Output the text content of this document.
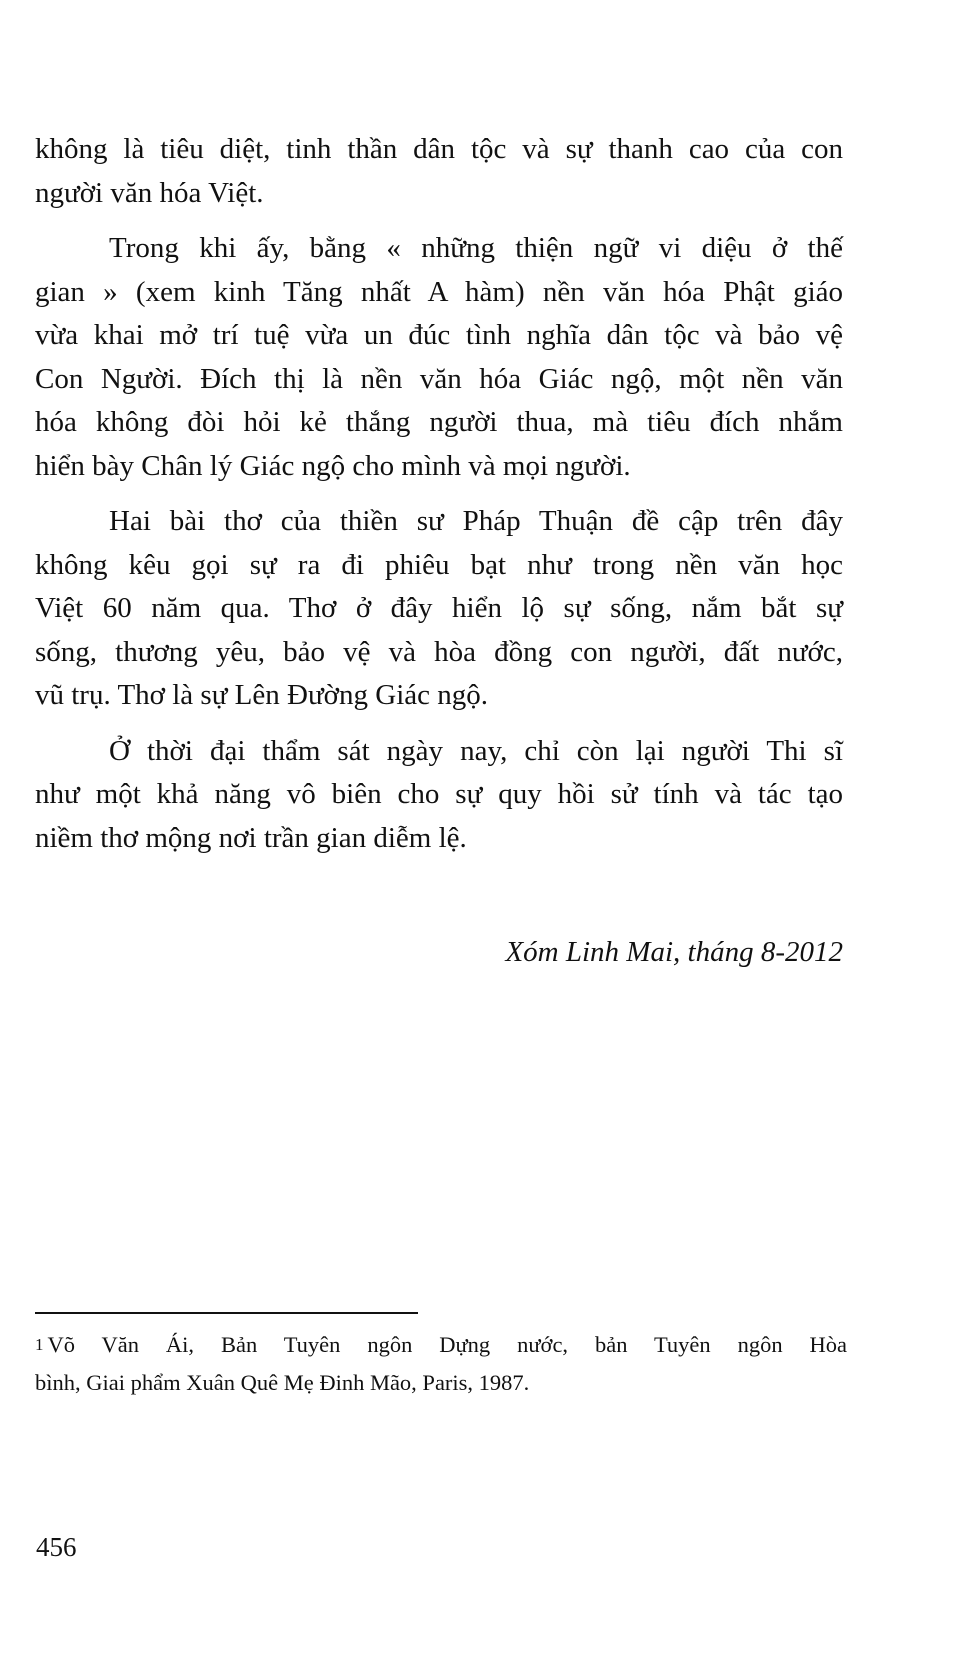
không là tiêu diệt, tinh thần dân tộc và sự thanh cao của con
người văn hóa Việt.

Trong khi ấy, bằng « những thiện ngữ vi diệu ở thế
gian » (xem kinh Tăng nhất A hàm) nền văn hóa Phật giáo
vừa khai mở trí tuệ vừa un đúc tình nghĩa dân tộc và bảo vệ
Con Người. Đích thị là nền văn hóa Giác ngộ, một nền văn
hóa không đòi hỏi kẻ thắng người thua, mà tiêu đích nhắm
hiển bày Chân lý Giác ngộ cho mình và mọi người.

Hai bài thơ của thiền sư Pháp Thuận đề cập trên đây
không kêu gọi sự ra đi phiêu bạt như trong nền văn học
Việt 60 năm qua. Thơ ở đây hiển lộ sự sống, nắm bắt sự
sống, thương yêu, bảo vệ và hòa đồng con người, đất nước,
vũ trụ. Thơ là sự Lên Đường Giác ngộ.

Ở thời đại thẩm sát ngày nay, chỉ còn lại người Thi sĩ
như một khả năng vô biên cho sự quy hồi sử tính và tác tạo
niềm thơ mộng nơi trần gian diễm lệ.

Xóm Linh Mai, tháng 8-2012
1 Võ Văn Ái, Bản Tuyên ngôn Dựng nước, bản Tuyên ngôn Hòa
bình, Giai phẩm Xuân Quê Mẹ Đinh Mão, Paris, 1987.
456
